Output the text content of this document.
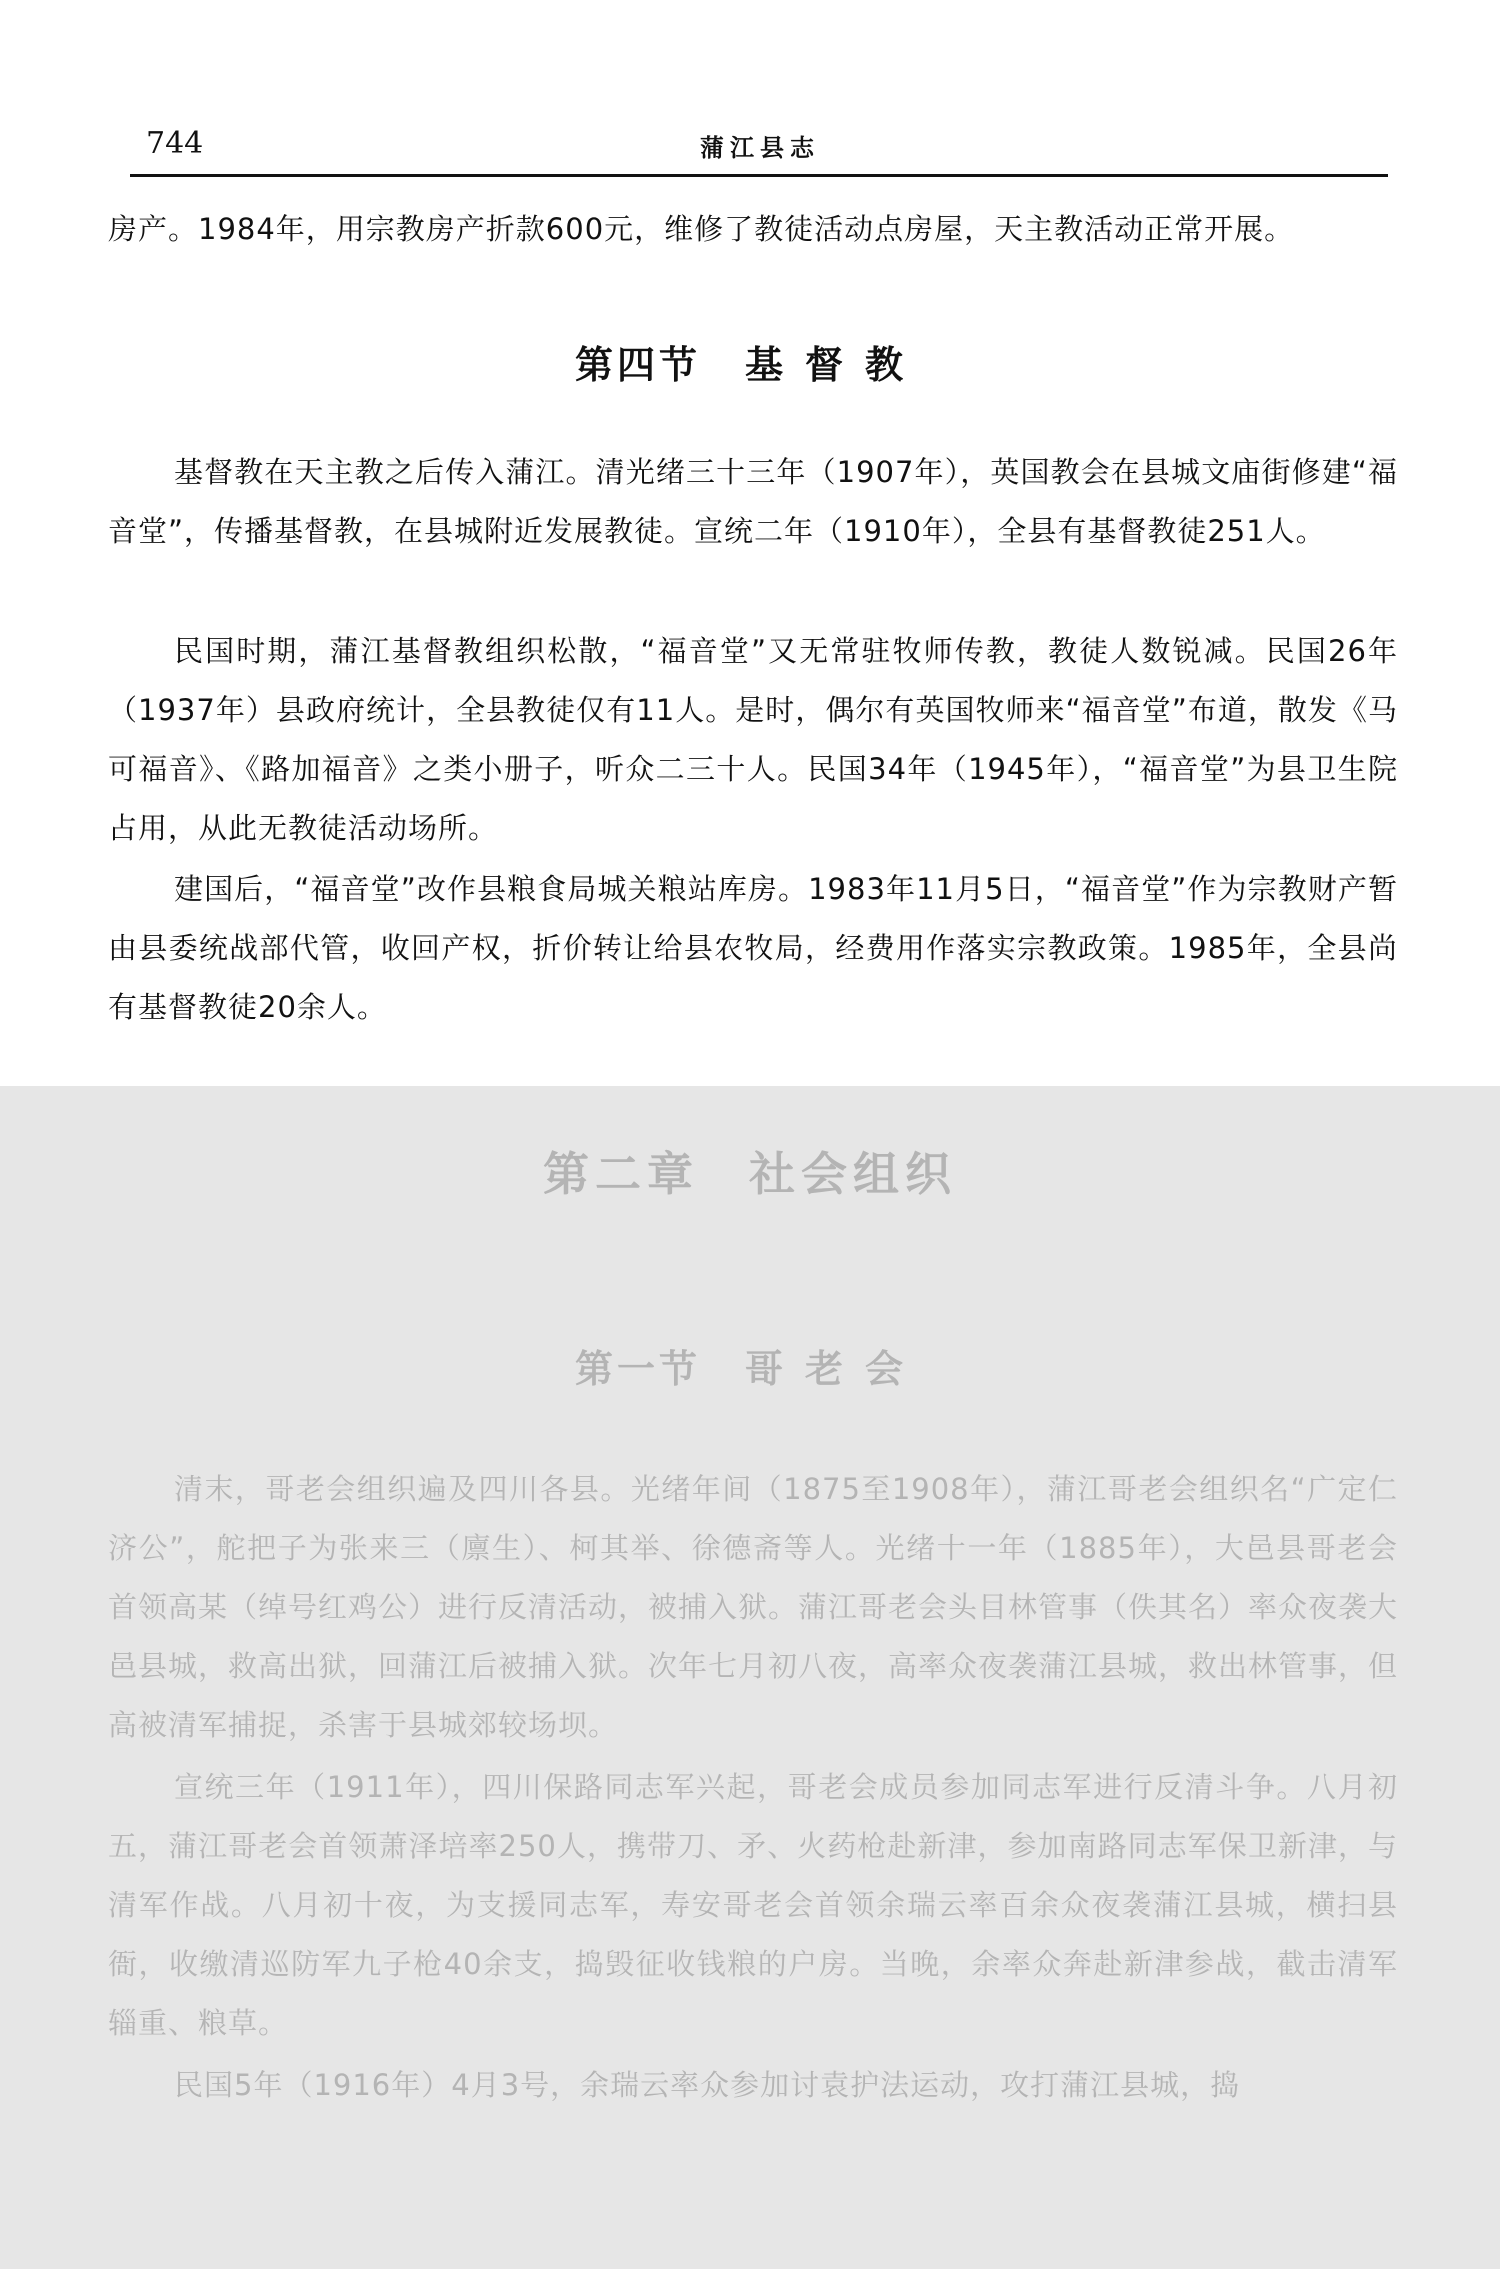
744	蒲江县志

房产。1984年，用宗教房产折款600元，维修了教徒活动点房屋，天主教活动正常开展。

第四节 基督教

基督教在天主教之后传入蒲江。清光绪三十三年（1907年），英国教会在县城文庙街修建“福音堂”，传播基督教，在县城附近发展教徒。宣统二年（1910年），全县有基督教徒251人。

民国时期，蒲江基督教组织松散，“福音堂”又无常驻牧师传教，教徒人数锐减。民国26年（1937年）县政府统计，全县教徒仅有11人。是时，偶尔有英国牧师来“福音堂”布道，散发《马可福音》、《路加福音》之类小册子，听众二三十人。民国34年（1945年），“福音堂”为县卫生院占用，从此无教徒活动场所。

建国后，“福音堂”改作县粮食局城关粮站库房。1983年11月5日，“福音堂”作为宗教财产暂由县委统战部代管，收回产权，折价转让给县农牧局，经费用作落实宗教政策。1985年，全县尚有基督教徒20余人。

第二章 社会组织
第一节 哥老会

清末，哥老会组织遍及四川各县。光绪年间（1875至1908年），蒲江哥老会组织名“广定仁济公”，舵把子为张来三（廪生）、柯其举、徐德斋等人。光绪十一年（1885年），大邑县哥老会首领高某（绰号红鸡公）进行反清活动，被捕入狱。蒲江哥老会头目林管事（佚其名）率众夜袭大邑县城，救高出狱，回蒲江后被捕入狱。次年七月初八夜，高率众夜袭蒲江县城，救出林管事，但高被清军捕捉，杀害于县城郊较场坝。

宣统三年（1911年），四川保路同志军兴起，哥老会成员参加同志军进行反清斗争。八月初五，蒲江哥老会首领萧泽培率250人，携带刀、矛、火药枪赴新津，参加南路同志军保卫新津，与清军作战。八月初十夜，为支援同志军，寿安哥老会首领余瑞云率百余众夜袭蒲江县城，横扫县衙，收缴清巡防军九子枪40余支，捣毁征收钱粮的户房。当晚，余率众奔赴新津参战，截击清军辎重、粮草。

民国5年（1916年）4月3号，余瑞云率众参加讨袁护法运动，攻打蒲江县城，捣
